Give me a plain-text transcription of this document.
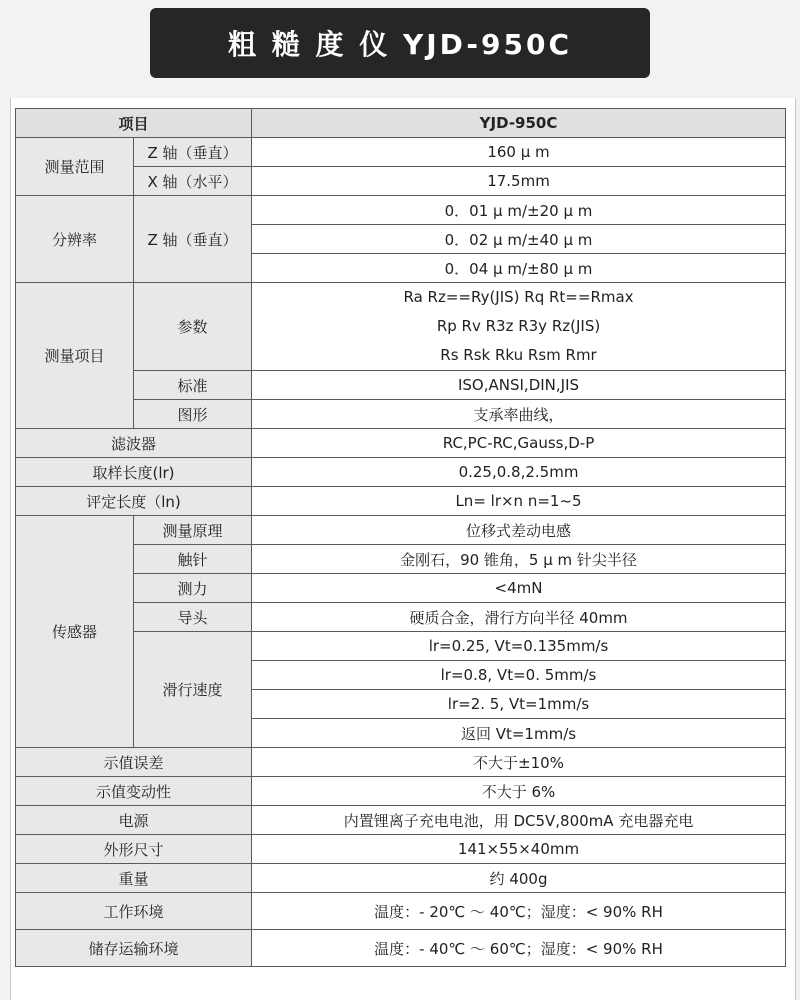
粗 糙 度 仪 YJD-950C
项目		YJD-950C
测量范围	Z 轴（垂直）	160 μ m
	X 轴（水平）	17.5mm
分辨率	Z 轴（垂直）	0．01 μ m/±20 μ m
		0．02 μ m/±40 μ m
		0．04 μ m/±80 μ m
测量项目	参数	Ra Rz==Ry(JIS) Rq Rt==Rmax
Rp Rv R3z R3y Rz(JIS)
Rs Rsk Rku Rsm Rmr

	标准	ISO,ANSI,DIN,JIS
	图形	支承率曲线，
滤波器		RC,PC-RC,Gauss,D-P
取样长度(lr)		0.25,0.8,2.5mm
评定长度（ln)		Ln= lr×n n=1~5
传感器	测量原理	位移式差动电感
	触针	金刚石，90 锥角，5 μ m 针尖半径
	测力	<4mN
	导头	硬质合金，滑行方向半径 40mm
	滑行速度	lr=0.25, Vt=0.135mm/s
		lr=0.8, Vt=0. 5mm/s
		lr=2. 5, Vt=1mm/s
		返回 Vt=1mm/s
示值误差		不大于±10%
示值变动性		不大于 6%
电源		内置锂离子充电电池，用 DC5V,800mA 充电器充电
外形尺寸		141×55×40mm
重量		约 400g
工作环境		温度：- 20℃ ～ 40℃；湿度：< 90% RH
储存运输环境		温度：- 40℃ ～ 60℃；湿度：< 90% RH
